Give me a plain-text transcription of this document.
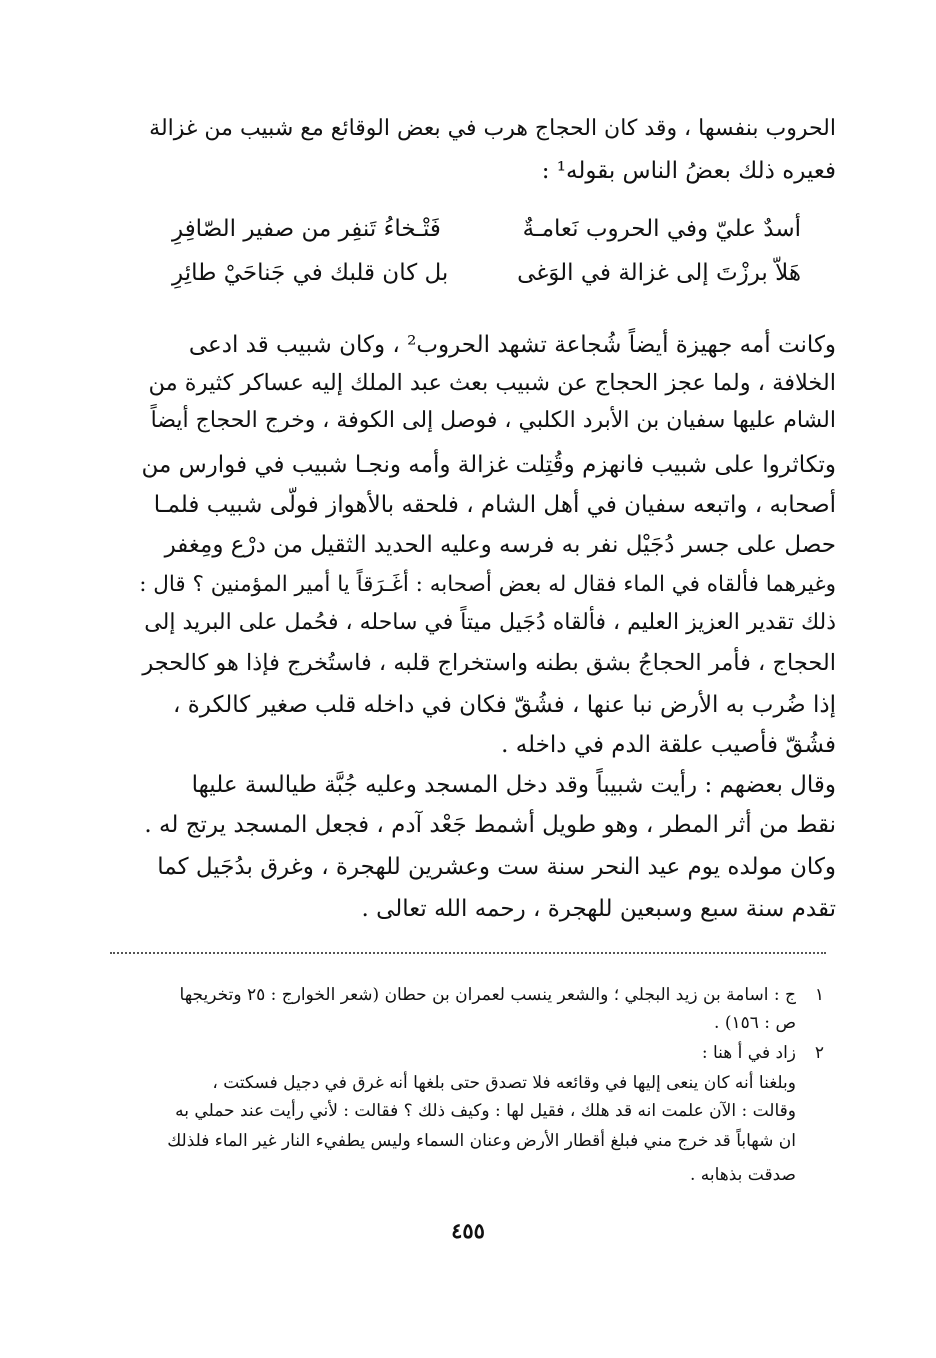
الحروب بنفسها ، وقد كان الحجاج هرب في بعض الوقائع مع شبيب من غزالة
فعيره ذلك بعضُ الناس بقوله¹ :
أسدٌ عليّ وفي الحروب نَعامـةٌ
فَتْـخاءُ تَنفِر من صفير الصّافِرِ
هَلاّ برزْتَ إلى غزالة في الوَغى
بل كان قلبك في جَناحَيْ طائِرِ
وكانت أمه جهيزة أيضاً شُجاعة تشهد الحروب² ، وكان شبيب قد ادعى
الخلافة ، ولما عجز الحجاج عن شبيب بعث عبد الملك إليه عساكر كثيرة من
الشام عليها سفيان بن الأبرد الكلبي ، فوصل إلى الكوفة ، وخرج الحجاج أيضاً
وتكاثروا على شبيب فانهزم وقُتِلت غزالة وأمه ونجـا شبيب في فوارس من
أصحابه ، واتبعه سفيان في أهل الشام ، فلحقه بالأهواز فولّى شبيب فلمـا
حصل على جسر دُجَيْل نفر به فرسه وعليه الحديد الثقيل من درْع ومِغفر
وغيرهما فألقاه في الماء فقال له بعض أصحابه : أغَـرَقاً يا أمير المؤمنين ؟ قال :
ذلك تقدير العزيز العليم ، فألقاه دُجَيل ميتاً في ساحله ، فحُمل على البريد إلى
الحجاج ، فأمر الحجاجُ بشق بطنه واستخراج قلبه ، فاستُخرج فإذا هو كالحجر
إذا ضُرب به الأرض نبا عنها ، فشُقّ فكان في داخله قلب صغير كالكرة ،
فشُقّ فأصيب علقة الدم في داخله .
وقال بعضهم : رأيت شبيباً وقد دخل المسجد وعليه جُبَّة طيالسة عليها
نقط من أثر المطر ، وهو طويل أشمط جَعْد آدم ، فجعل المسجد يرتج له .
وكان مولده يوم عيد النحر سنة ست وعشرين للهجرة ، وغرق بدُجَيل كما
تقدم سنة سبع وسبعين للهجرة ، رحمه الله تعالى .
١
ج : اسامة بن زيد البجلي ؛ والشعر ينسب لعمران بن حطان (شعر الخوارج : ٢٥ وتخريجها
ص : ١٥٦) .
٢
زاد في أ هنا :
وبلغنا أنه كان ينعى إليها في وقائعه فلا تصدق حتى بلغها أنه غرق في دجيل فسكتت ،
وقالت : الآن علمت انه قد هلك ، فقيل لها : وكيف ذلك ؟ فقالت : لأني رأيت عند حملي به
ان شهاباً قد خرج مني فبلغ أقطار الأرض وعنان السماء وليس يطفيء النار غير الماء فلذلك
صدقت بذهابه .
٤٥٥
